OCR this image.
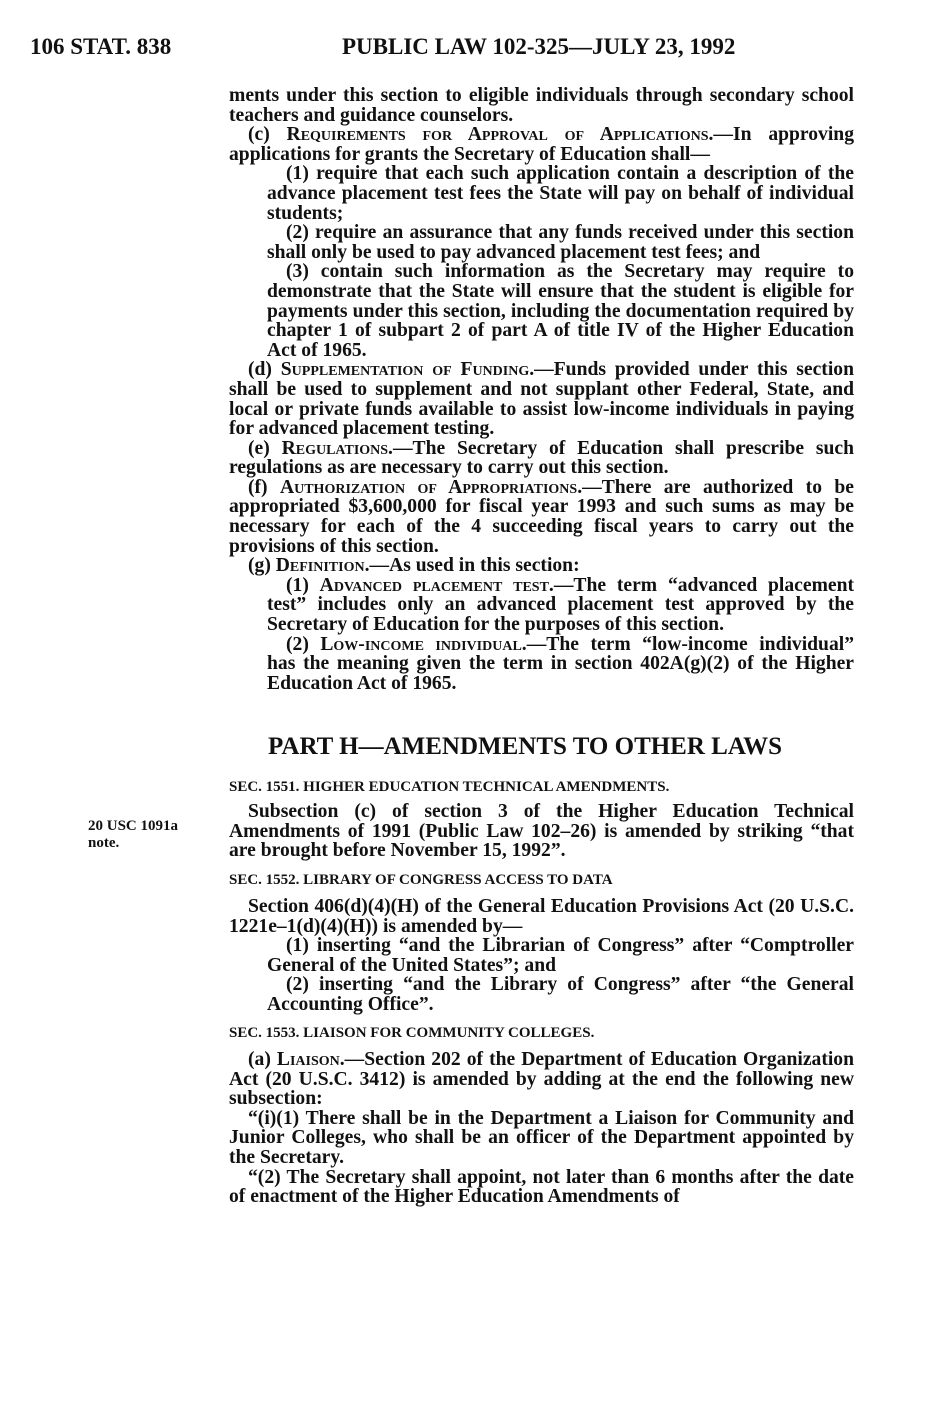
106 STAT. 838	PUBLIC LAW 102-325—JULY 23, 1992

ments under this section to eligible individuals through secondary school teachers and guidance counselors.

(c) Requirements for Approval of Applications.—In approving applications for grants the Secretary of Education shall—

(1) require that each such application contain a description of the advance placement test fees the State will pay on behalf of individual students;

(2) require an assurance that any funds received under this section shall only be used to pay advanced placement test fees; and

(3) contain such information as the Secretary may require to demonstrate that the State will ensure that the student is eligible for payments under this section, including the documentation required by chapter 1 of subpart 2 of part A of title IV of the Higher Education Act of 1965.

(d) Supplementation of Funding.—Funds provided under this section shall be used to supplement and not supplant other Federal, State, and local or private funds available to assist low-income individuals in paying for advanced placement testing.

(e) Regulations.—The Secretary of Education shall prescribe such regulations as are necessary to carry out this section.

(f) Authorization of Appropriations.—There are authorized to be appropriated $3,600,000 for fiscal year 1993 and such sums as may be necessary for each of the 4 succeeding fiscal years to carry out the provisions of this section.

(g) Definition.—As used in this section:

(1) Advanced placement test.—The term “advanced placement test” includes only an advanced placement test approved by the Secretary of Education for the purposes of this section.

(2) Low-income individual.—The term “low-income individual” has the meaning given the term in section 402A(g)(2) of the Higher Education Act of 1965.

PART H—AMENDMENTS TO OTHER LAWS
SEC. 1551. HIGHER EDUCATION TECHNICAL AMENDMENTS.
20 USC 1091a note.

Subsection (c) of section 3 of the Higher Education Technical Amendments of 1991 (Public Law 102–26) is amended by striking “that are brought before November 15, 1992”.

SEC. 1552. LIBRARY OF CONGRESS ACCESS TO DATA

Section 406(d)(4)(H) of the General Education Provisions Act (20 U.S.C. 1221e–1(d)(4)(H)) is amended by—

(1) inserting “and the Librarian of Congress” after “Comptroller General of the United States”; and

(2) inserting “and the Library of Congress” after “the General Accounting Office”.

SEC. 1553. LIAISON FOR COMMUNITY COLLEGES.

(a) Liaison.—Section 202 of the Department of Education Organization Act (20 U.S.C. 3412) is amended by adding at the end the following new subsection:

“(i)(1) There shall be in the Department a Liaison for Community and Junior Colleges, who shall be an officer of the Department appointed by the Secretary.

“(2) The Secretary shall appoint, not later than 6 months after the date of enactment of the Higher Education Amendments of
